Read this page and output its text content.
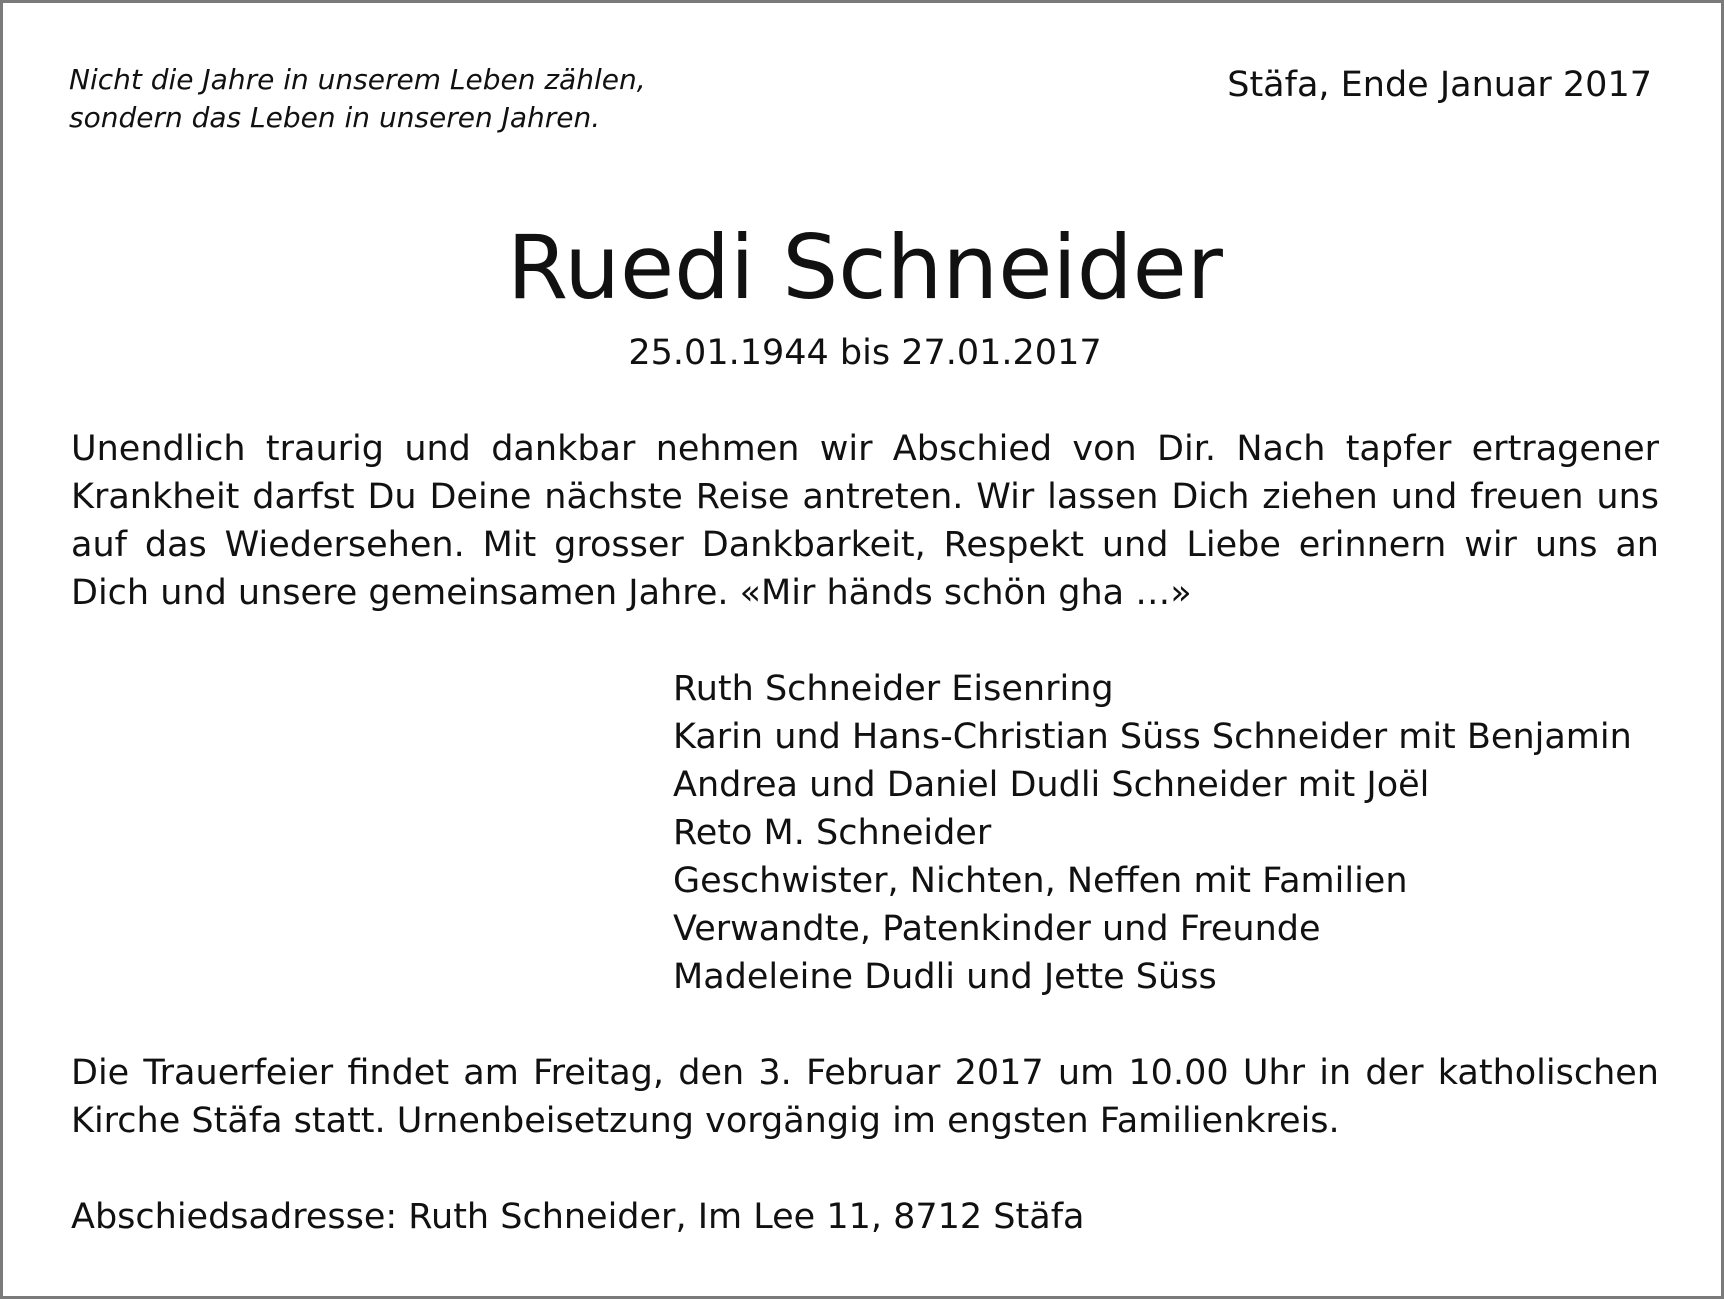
Nicht die Jahre in unserem Leben zählen,
sondern das Leben in unseren Jahren.
Stäfa, Ende Januar 2017
Ruedi Schneider
25.01.1944 bis 27.01.2017
Unendlich traurig und dankbar nehmen wir Abschied von Dir. Nach tapfer ertragener
Krankheit darfst Du Deine nächste Reise antreten. Wir lassen Dich ziehen und freuen uns
auf das Wiedersehen. Mit grosser Dankbarkeit, Respekt und Liebe erinnern wir uns an
Dich und unsere gemeinsamen Jahre. «Mir händs schön gha …»
Ruth Schneider Eisenring
Karin und Hans-Christian Süss Schneider mit Benjamin
Andrea und Daniel Dudli Schneider mit Joël
Reto M. Schneider
Geschwister, Nichten, Neffen mit Familien
Verwandte, Patenkinder und Freunde
Madeleine Dudli und Jette Süss
Die Trauerfeier findet am Freitag, den 3. Februar 2017 um 10.00 Uhr in der katholischen
Kirche Stäfa statt. Urnenbeisetzung vorgängig im engsten Familienkreis.
Abschiedsadresse: Ruth Schneider, Im Lee 11, 8712 Stäfa
